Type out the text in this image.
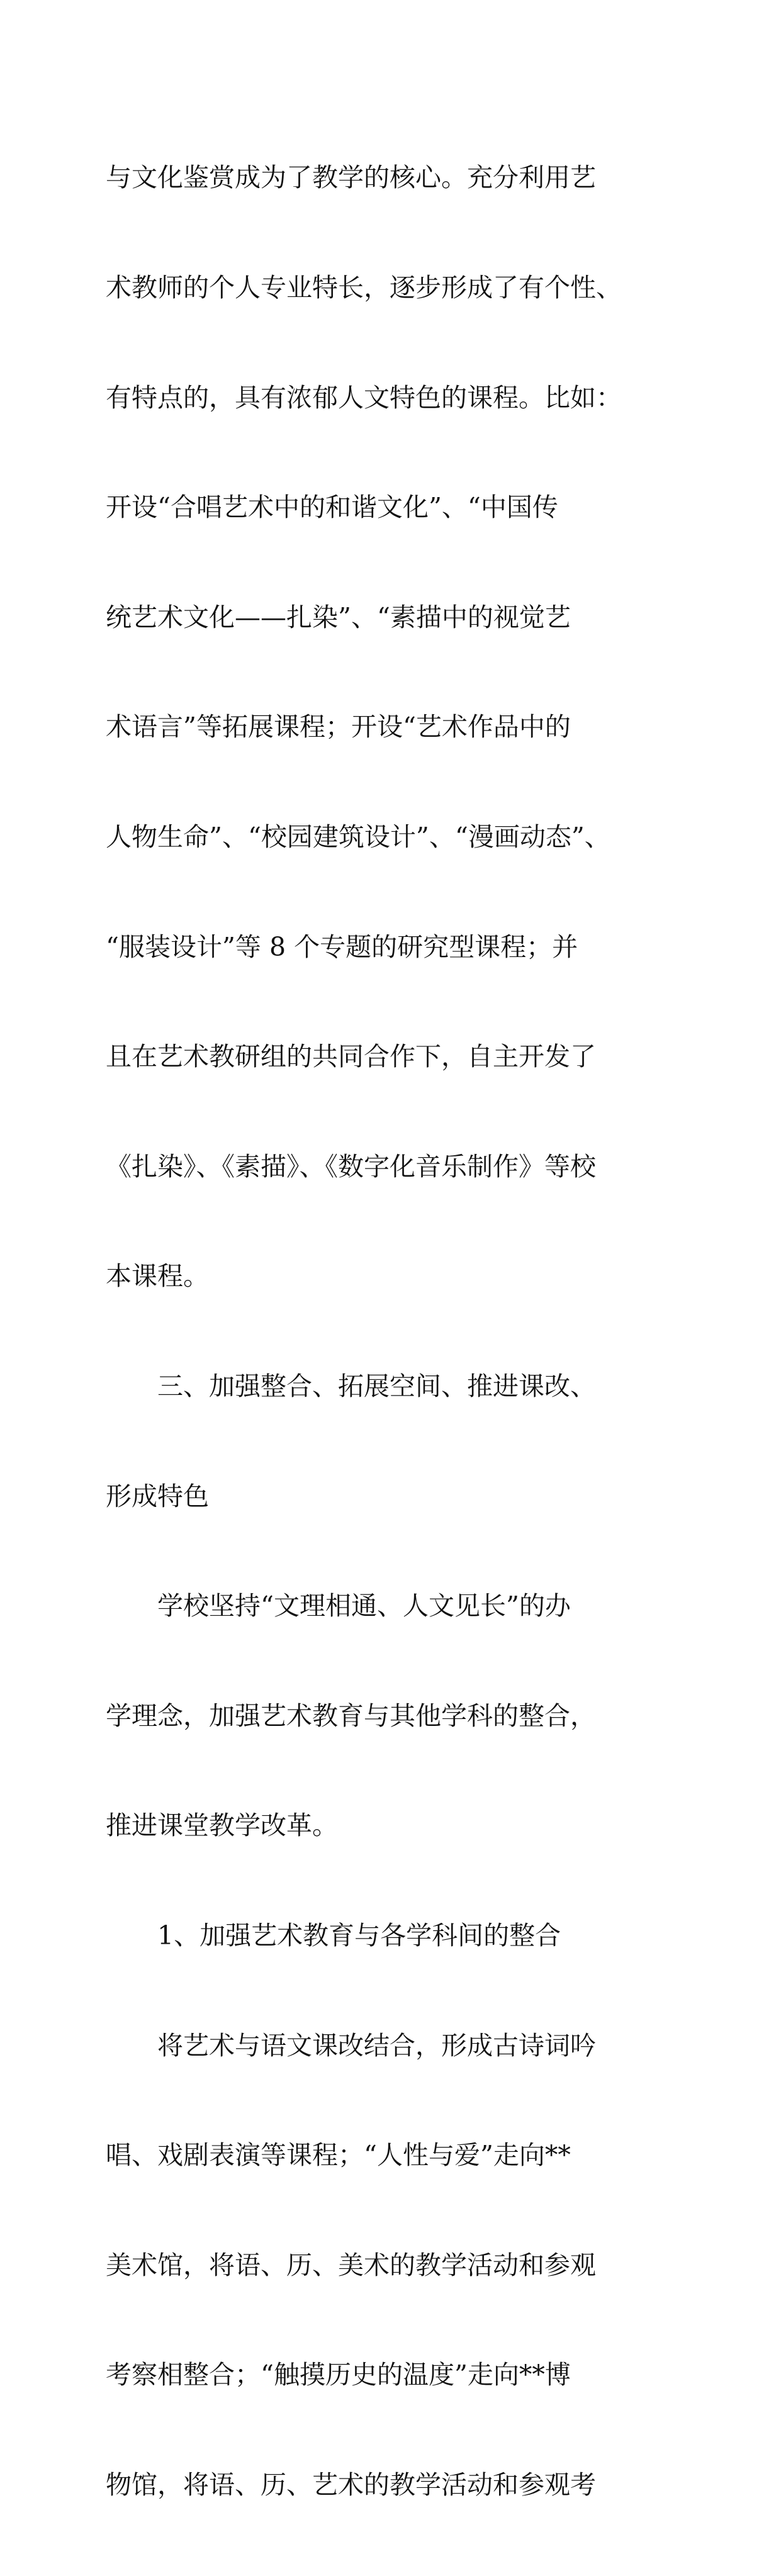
与文化鉴赏成为了教学的核心。充分利用艺

术教师的个人专业特长，逐步形成了有个性、

有特点的，具有浓郁人文特色的课程。比如：

开设“合唱艺术中的和谐文化”、“中国传

统艺术文化——扎染”、“素描中的视觉艺

术语言”等拓展课程；开设“艺术作品中的

人物生命”、“校园建筑设计”、“漫画动态”、

“服装设计”等 8 个专题的研究型课程；并

且在艺术教研组的共同合作下，自主开发了

《扎染》、《素描》、《数字化音乐制作》等校

本课程。

三、加强整合、拓展空间、推进课改、

形成特色

学校坚持“文理相通、人文见长”的办

学理念，加强艺术教育与其他学科的整合，

推进课堂教学改革。

1、加强艺术教育与各学科间的整合

将艺术与语文课改结合，形成古诗词吟

唱、戏剧表演等课程；“人性与爱”走向**

美术馆，将语、历、美术的教学活动和参观

考察相整合；“触摸历史的温度”走向**博

物馆，将语、历、艺术的教学活动和参观考
